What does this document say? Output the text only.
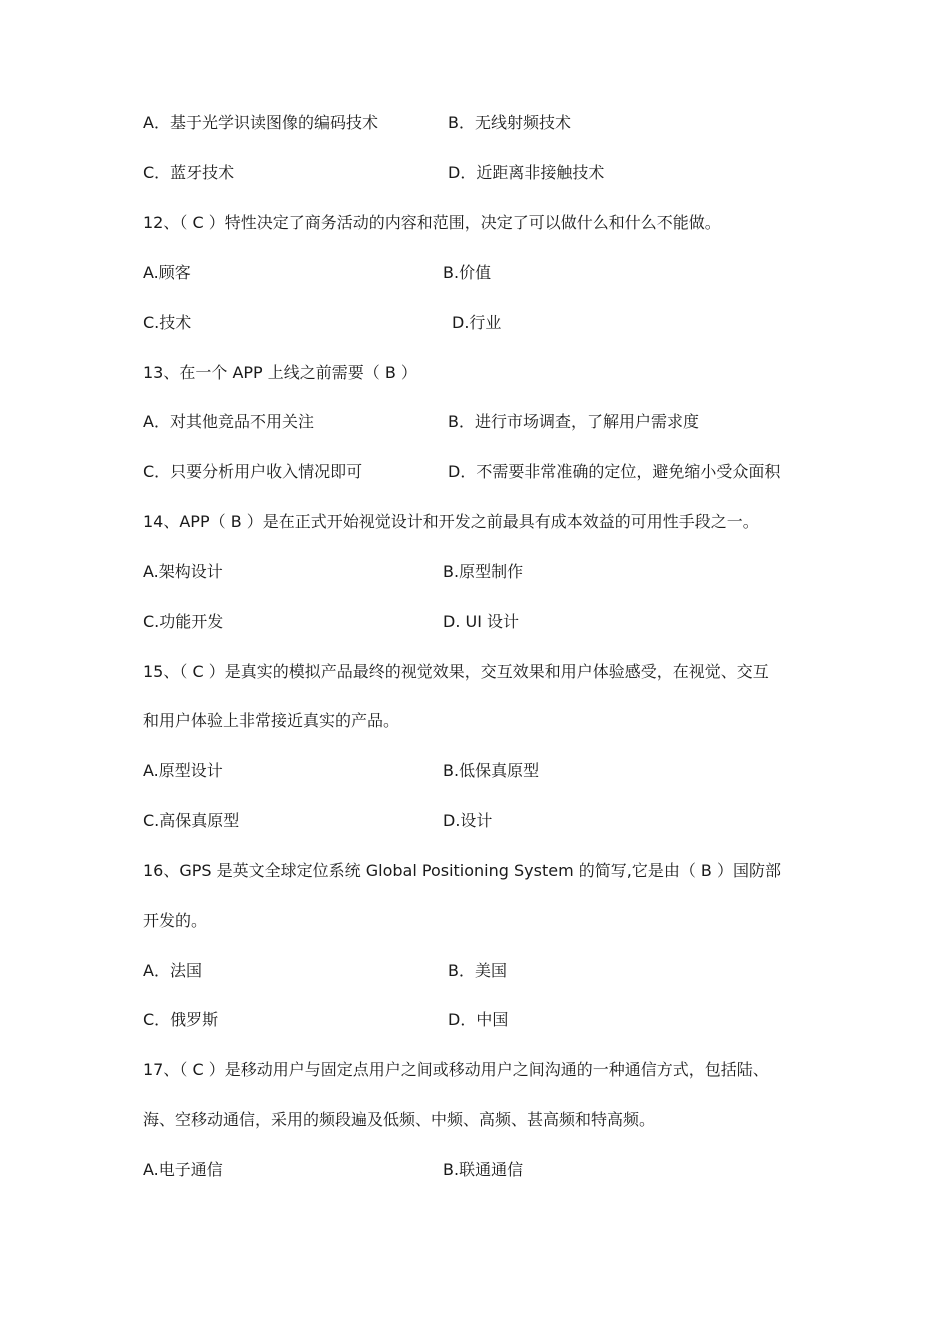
A．基于光学识读图像的编码技术	B．无线射频技术
C．蓝牙技术	D．近距离非接触技术
12、（ C ）特性决定了商务活动的内容和范围，决定了可以做什么和什么不能做。
A.顾客	B.价值
C.技术	D.行业
13、在一个 APP 上线之前需要（ B ）
A．对其他竞品不用关注	B．进行市场调查，了解用户需求度
C．只要分析用户收入情况即可	D．不需要非常准确的定位，避免缩小受众面积
14、APP（ B ）是在正式开始视觉设计和开发之前最具有成本效益的可用性手段之一。
A.架构设计	B.原型制作
C.功能开发	D. UI 设计
15、（ C ）是真实的模拟产品最终的视觉效果，交互效果和用户体验感受，在视觉、交互
和用户体验上非常接近真实的产品。
A.原型设计	B.低保真原型
C.高保真原型	D.设计
16、GPS 是英文全球定位系统 Global Positioning System 的简写,它是由（ B ）国防部
开发的。
A．法国	B．美国
C．俄罗斯	D．中国
17、（ C ）是移动用户与固定点用户之间或移动用户之间沟通的一种通信方式，包括陆、
海、空移动通信，采用的频段遍及低频、中频、高频、甚高频和特高频。
A.电子通信	B.联通通信
